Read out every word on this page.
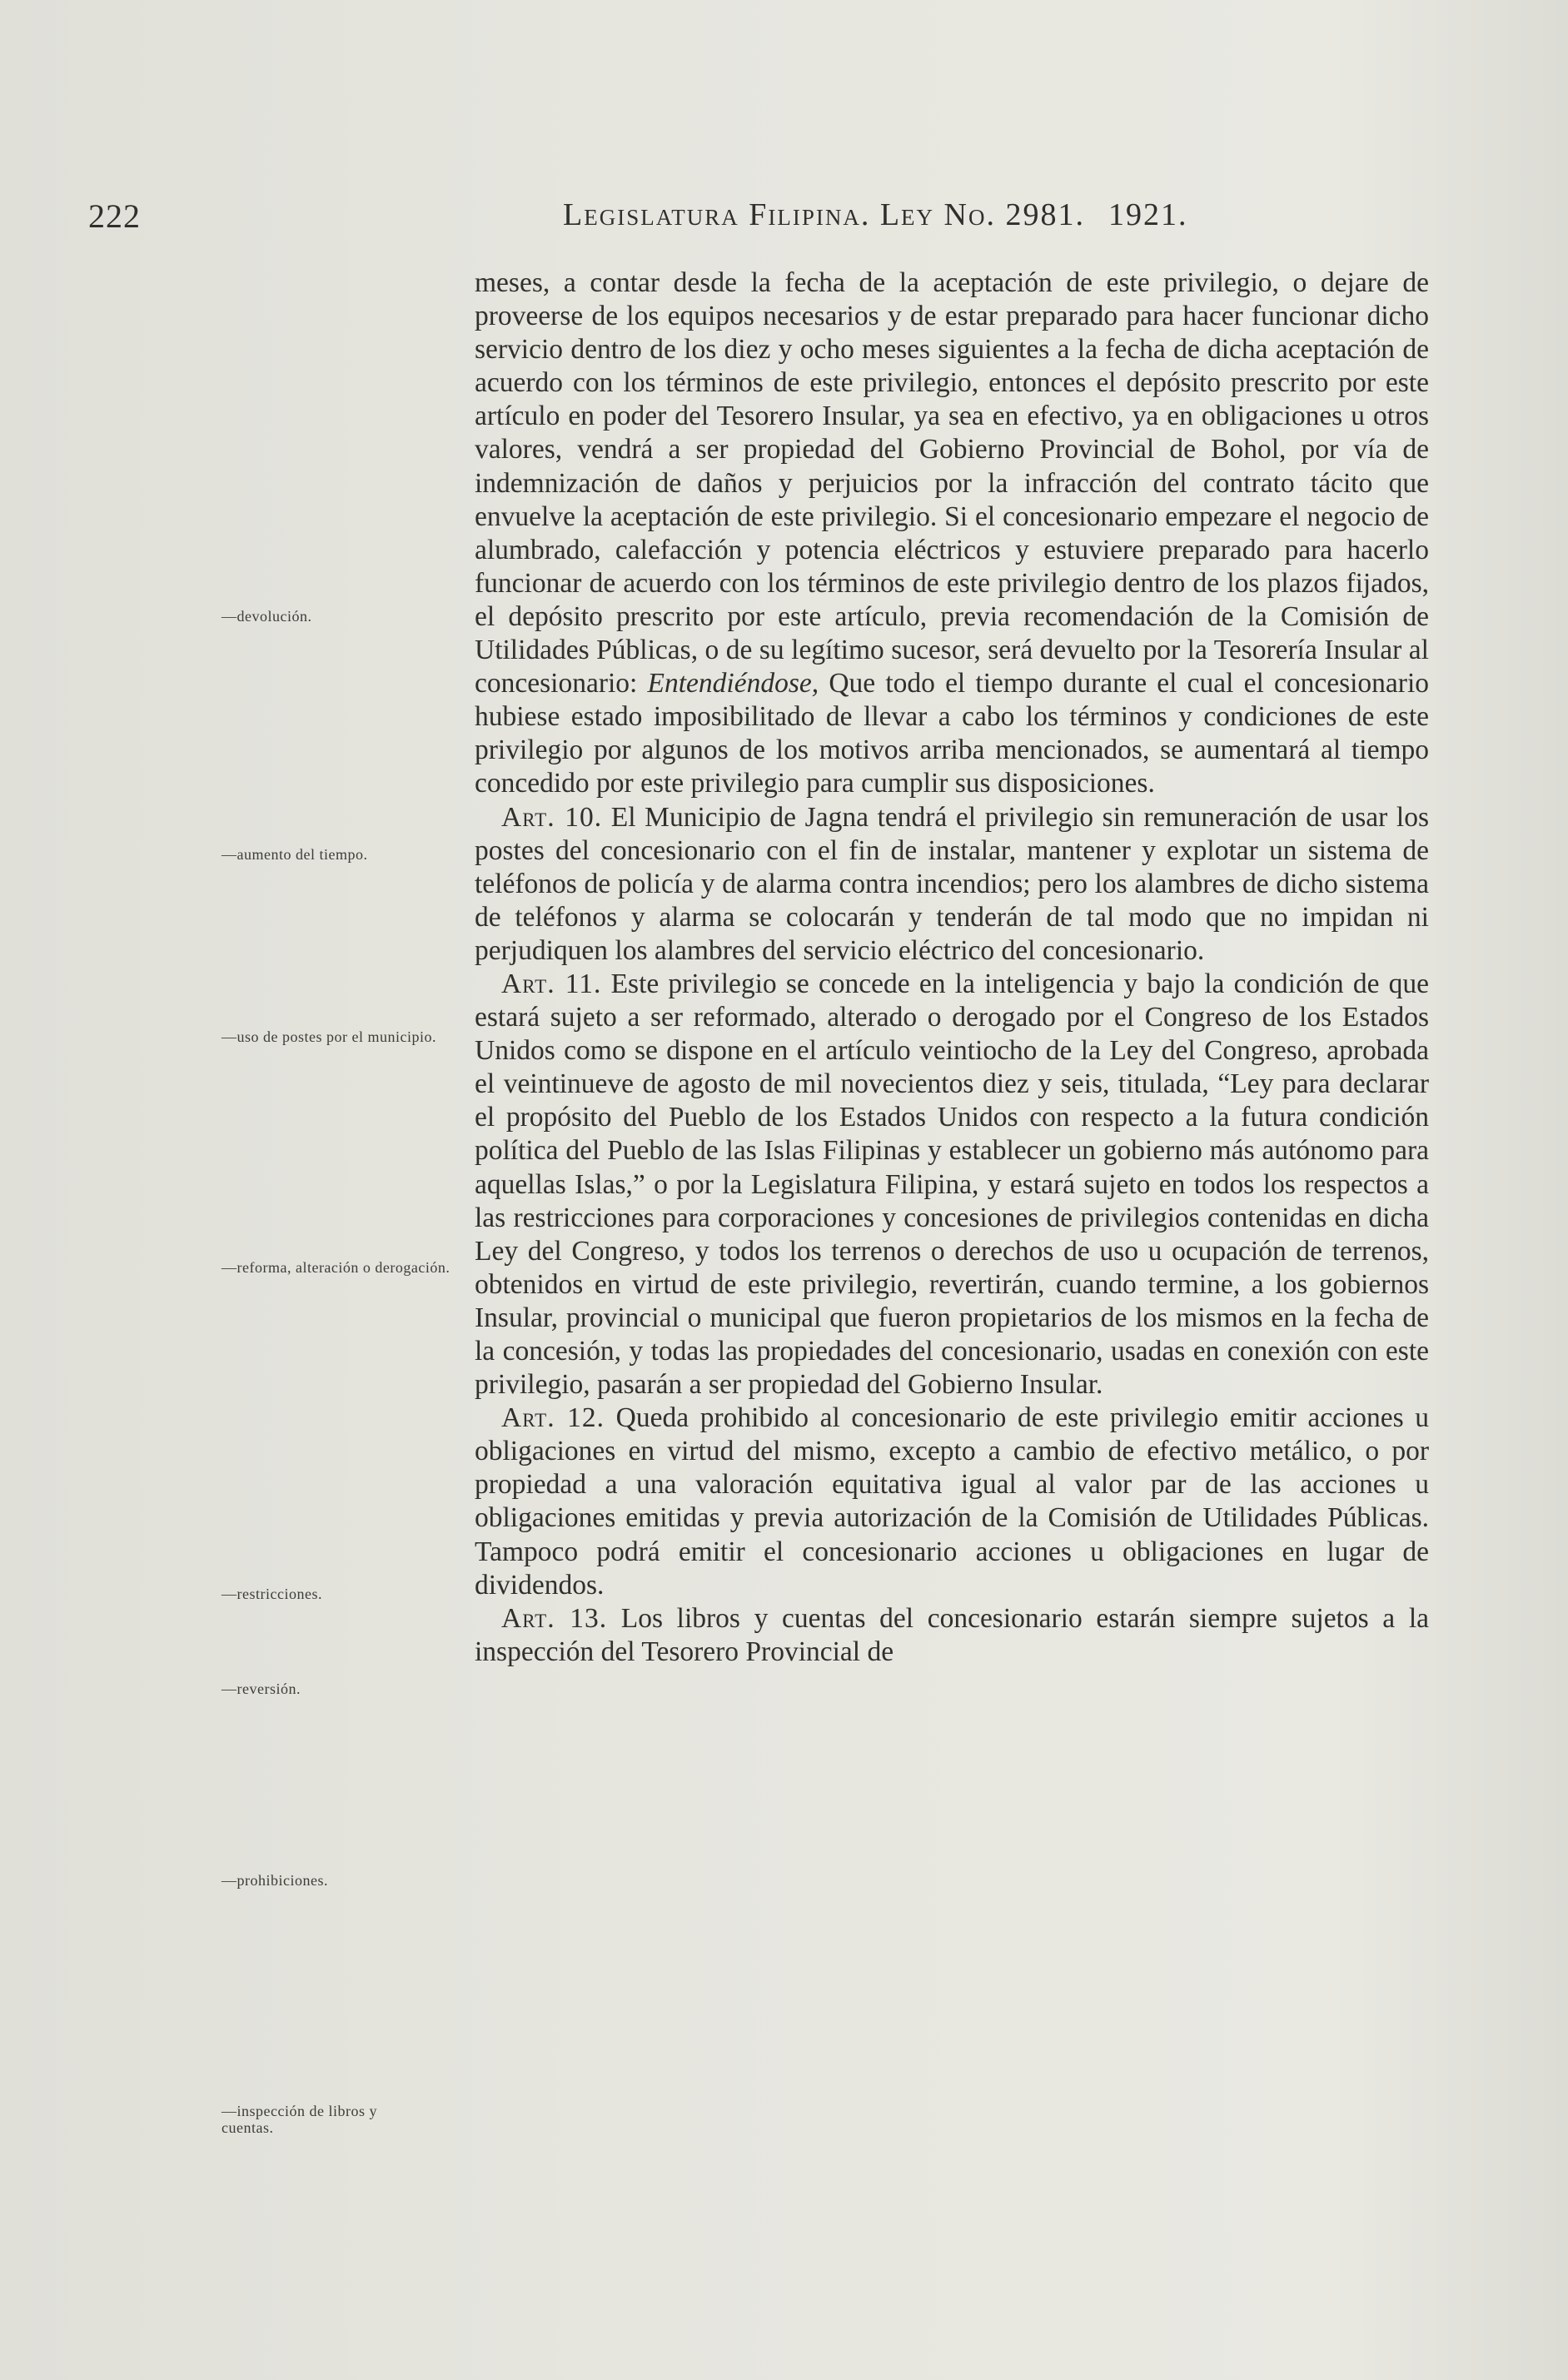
222	Legislatura Filipina. Ley No. 2981. 1921.
—devolución.
—aumento del tiempo.
—uso de postes por el municipio.
—reforma, alteración o derogación.
—restricciones.
—reversión.
—prohibiciones.
—inspección de libros y cuentas.

meses, a contar desde la fecha de la aceptación de este privilegio, o dejare de proveerse de los equipos necesarios y de estar preparado para hacer funcionar dicho servicio dentro de los diez y ocho meses siguientes a la fecha de dicha aceptación de acuerdo con los términos de este privilegio, entonces el depósito prescrito por este artículo en poder del Tesorero Insular, ya sea en efectivo, ya en obligaciones u otros valores, vendrá a ser propiedad del Gobierno Provincial de Bohol, por vía de indemnización de daños y perjuicios por la infracción del contrato tácito que envuelve la aceptación de este privilegio. Si el concesionario empezare el negocio de alumbrado, calefacción y potencia eléctricos y estuviere preparado para hacerlo funcionar de acuerdo con los términos de este privilegio dentro de los plazos fijados, el depósito prescrito por este artículo, previa recomendación de la Comisión de Utilidades Públicas, o de su legítimo sucesor, será devuelto por la Tesorería Insular al concesionario: Entendiéndose, Que todo el tiempo durante el cual el concesionario hubiese estado imposibilitado de llevar a cabo los términos y condiciones de este privilegio por algunos de los motivos arriba mencionados, se aumentará al tiempo concedido por este privilegio para cumplir sus disposiciones.

Art. 10. El Municipio de Jagna tendrá el privilegio sin remuneración de usar los postes del concesionario con el fin de instalar, mantener y explotar un sistema de teléfonos de policía y de alarma contra incendios; pero los alambres de dicho sistema de teléfonos y alarma se colocarán y tenderán de tal modo que no impidan ni perjudiquen los alambres del servicio eléctrico del concesionario.

Art. 11. Este privilegio se concede en la inteligencia y bajo la condición de que estará sujeto a ser reformado, alterado o derogado por el Congreso de los Estados Unidos como se dispone en el artículo veintiocho de la Ley del Congreso, aprobada el veintinueve de agosto de mil novecientos diez y seis, titulada, “Ley para declarar el propósito del Pueblo de los Estados Unidos con respecto a la futura condición política del Pueblo de las Islas Filipinas y establecer un gobierno más autónomo para aquellas Islas,” o por la Legislatura Filipina, y estará sujeto en todos los respectos a las restricciones para corporaciones y concesiones de privilegios contenidas en dicha Ley del Congreso, y todos los terrenos o derechos de uso u ocupación de terrenos, obtenidos en virtud de este privilegio, revertirán, cuando termine, a los gobiernos Insular, provincial o municipal que fueron propietarios de los mismos en la fecha de la concesión, y todas las propiedades del concesionario, usadas en conexión con este privilegio, pasarán a ser propiedad del Gobierno Insular.

Art. 12. Queda prohibido al concesionario de este privilegio emitir acciones u obligaciones en virtud del mismo, excepto a cambio de efectivo metálico, o por propiedad a una valoración equitativa igual al valor par de las acciones u obligaciones emitidas y previa autorización de la Comisión de Utilidades Públicas. Tampoco podrá emitir el concesionario acciones u obligaciones en lugar de dividendos.

Art. 13. Los libros y cuentas del concesionario estarán siempre sujetos a la inspección del Tesorero Provincial de
